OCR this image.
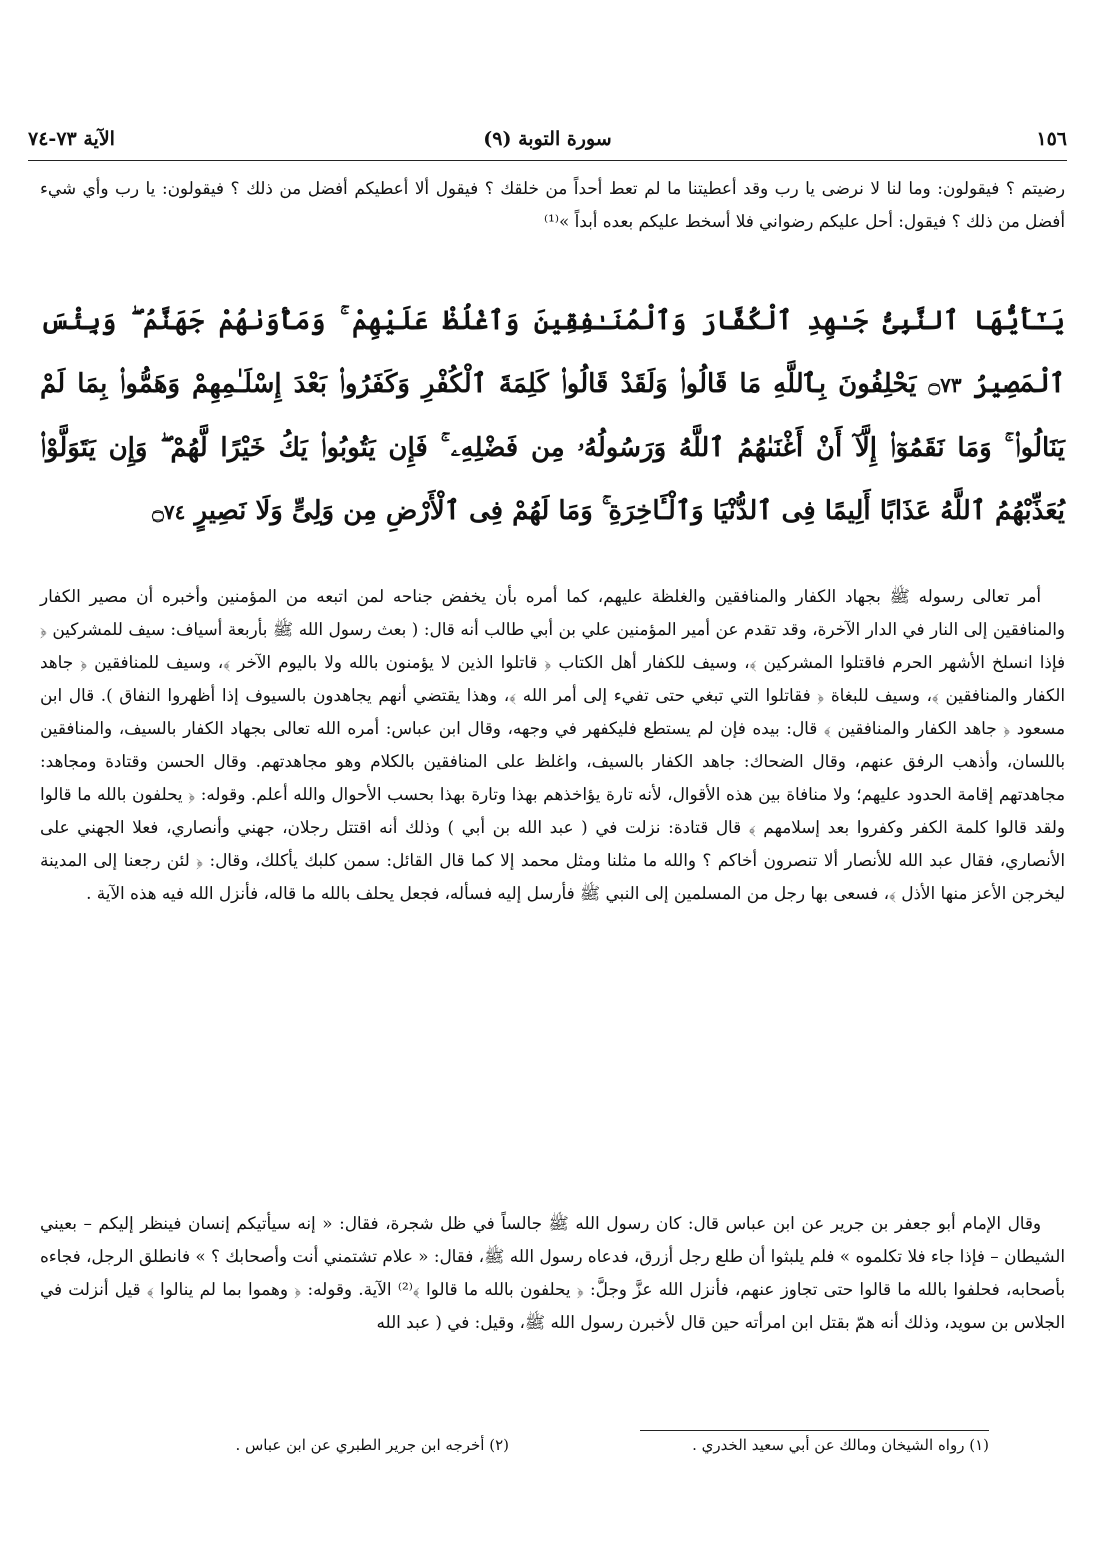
١٥٦
(٩) سورة التوبة
الآية ٧٣-٧٤
رضيتم ؟ فيقولون: وما لنا لا نرضى يا رب وقد أعطيتنا ما لم تعط أحداً من خلقك ؟ فيقول ألا أعطيكم أفضل من ذلك ؟ فيقولون: يا رب وأي شيء أفضل من ذلك ؟ فيقول: أحل عليكم رضواني فلا أسخط عليكم بعده أبداً »⁽¹⁾
يَـٰٓأَيُّهَا ٱلنَّبِىُّ جَـٰهِدِ ٱلْكُفَّارَ وَٱلْمُنَـٰفِقِينَ وَٱغْلُظْ عَلَيْهِمْ ۚ وَمَأْوَىٰهُمْ جَهَنَّمُ ۖ وَبِئْسَ ٱلْمَصِيرُ ۝٧٣ يَحْلِفُونَ بِٱللَّهِ مَا قَالُوا۟ وَلَقَدْ قَالُوا۟ كَلِمَةَ ٱلْكُفْرِ وَكَفَرُوا۟ بَعْدَ إِسْلَـٰمِهِمْ وَهَمُّوا۟ بِمَا لَمْ يَنَالُوا۟ ۚ وَمَا نَقَمُوٓا۟ إِلَّآ أَنْ أَغْنَىٰهُمُ ٱللَّهُ وَرَسُولُهُۥ مِن فَضْلِهِۦ ۚ فَإِن يَتُوبُوا۟ يَكُ خَيْرًا لَّهُمْ ۖ وَإِن يَتَوَلَّوْا۟ يُعَذِّبْهُمُ ٱللَّهُ عَذَابًا أَلِيمًا فِى ٱلدُّنْيَا وَٱلْـَٔاخِرَةِ ۚ وَمَا لَهُمْ فِى ٱلْأَرْضِ مِن وَلِىٍّ وَلَا نَصِيرٍ ۝٧٤
أمر تعالى رسوله ﷺ بجهاد الكفار والمنافقين والغلظة عليهم، كما أمره بأن يخفض جناحه لمن اتبعه من المؤمنين وأخبره أن مصير الكفار والمنافقين إلى النار في الدار الآخرة، وقد تقدم عن أمير المؤمنين علي بن أبي طالب أنه قال: ( بعث رسول الله ﷺ بأربعة أسياف: سيف للمشركين ﴿ فإذا انسلخ الأشهر الحرم فاقتلوا المشركين ﴾، وسيف للكفار أهل الكتاب ﴿ قاتلوا الذين لا يؤمنون بالله ولا باليوم الآخر ﴾، وسيف للمنافقين ﴿ جاهد الكفار والمنافقين ﴾، وسيف للبغاة ﴿ فقاتلوا التي تبغي حتى تفيء إلى أمر الله ﴾، وهذا يقتضي أنهم يجاهدون بالسيوف إذا أظهروا النفاق ). قال ابن مسعود ﴿ جاهد الكفار والمنافقين ﴾ قال: بيده فإن لم يستطع فليكفهر في وجهه، وقال ابن عباس: أمره الله تعالى بجهاد الكفار بالسيف، والمنافقين باللسان، وأذهب الرفق عنهم، وقال الضحاك: جاهد الكفار بالسيف، واغلظ على المنافقين بالكلام وهو مجاهدتهم. وقال الحسن وقتادة ومجاهد: مجاهدتهم إقامة الحدود عليهم؛ ولا منافاة بين هذه الأقوال، لأنه تارة يؤاخذهم بهذا وتارة بهذا بحسب الأحوال والله أعلم. وقوله: ﴿ يحلفون بالله ما قالوا ولقد قالوا كلمة الكفر وكفروا بعد إسلامهم ﴾ قال قتادة: نزلت في ( عبد الله بن أبي ) وذلك أنه اقتتل رجلان، جهني وأنصاري، فعلا الجهني على الأنصاري، فقال عبد الله للأنصار ألا تنصرون أخاكم ؟ والله ما مثلنا ومثل محمد إلا كما قال القائل: سمن كلبك يأكلك، وقال: ﴿ لئن رجعنا إلى المدينة ليخرجن الأعز منها الأذل ﴾، فسعى بها رجل من المسلمين إلى النبي ﷺ فأرسل إليه فسأله، فجعل يحلف بالله ما قاله، فأنزل الله فيه هذه الآية .
وقال الإمام أبو جعفر بن جرير عن ابن عباس قال: كان رسول الله ﷺ جالساً في ظل شجرة، فقال: « إنه سيأتيكم إنسان فينظر إليكم – بعيني الشيطان – فإذا جاء فلا تكلموه » فلم يلبثوا أن طلع رجل أزرق، فدعاه رسول الله ﷺ، فقال: « علام تشتمني أنت وأصحابك ؟ » فانطلق الرجل، فجاءه بأصحابه، فحلفوا بالله ما قالوا حتى تجاوز عنهم، فأنزل الله عزَّ وجلَّ: ﴿ يحلفون بالله ما قالوا ﴾⁽²⁾ الآية. وقوله: ﴿ وهموا بما لم ينالوا ﴾ قيل أنزلت في الجلاس بن سويد، وذلك أنه همّ بقتل ابن امرأته حين قال لأخبرن رسول الله ﷺ، وقيل: في ( عبد الله
(١) رواه الشيخان ومالك عن أبي سعيد الخدري .
(٢) أخرجه ابن جرير الطبري عن ابن عباس .
